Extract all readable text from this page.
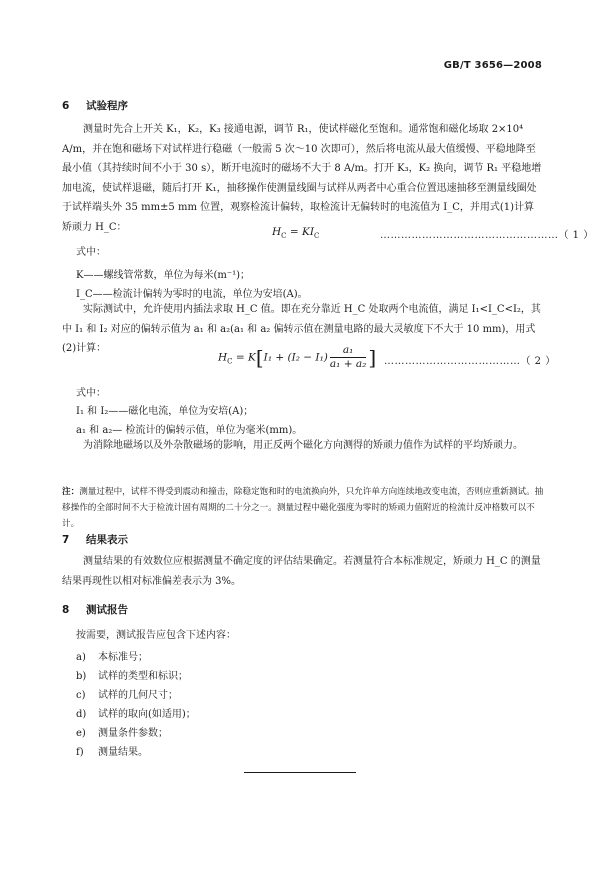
GB/T 3656—2008
6 试验程序
测量时先合上开关 K₁，K₂，K₃ 接通电源，调节 R₁，使试样磁化至饱和。通常饱和磁化场取 2×10⁴ A/m，并在饱和磁场下对试样进行稳磁（一般需 5 次～10 次即可），然后将电流从最大值缓慢、平稳地降至最小值（其持续时间不小于 30 s），断开电流时的磁场不大于 8 A/m。打开 K₃，K₂ 换向，调节 R₁ 平稳地增加电流，使试样退磁，随后打开 K₁，抽移操作使测量线圈与试样从两者中心重合位置迅速抽移至测量线圈处于试样端头外 35 mm±5 mm 位置，观察检流计偏转，取检流计无偏转时的电流值为 I_C，并用式(1)计算矫顽力 H_C：	$H_C = KI_C$	……………………………………………（ 1 ）
式中：
K——螺线管常数，单位为每米(m⁻¹)；
I_C——检流计偏转为零时的电流，单位为安培(A)。
实际测试中，允许使用内插法求取 H_C 值。即在充分靠近 H_C 处取两个电流值，满足 I₁<I_C<I₂，其中 I₁ 和 I₂ 对应的偏转示值为 a₁ 和 a₂(a₁ 和 a₂ 偏转示值在测量电路的最大灵敏度下不大于 10 mm)，用式(2)计算：
$H_C = K[I_1 + (I_2 - I_1) \frac{\text{a₁}}{\text{a₁ + a₂}}$ ] …………………………………（ 2 ）
式中：
I₁ 和 I₂——磁化电流，单位为安培(A)；
a₁ 和 a₂— 检流计的偏转示值，单位为毫米(mm)。
为消除地磁场以及外杂散磁场的影响，用正反两个磁化方向测得的矫顽力值作为试样的平均矫顽力。
注：测量过程中，试样不得受到震动和撞击，除稳定饱和时的电流换向外，只允许单方向连续地改变电流，否则应重新测试。抽移操作的全部时间不大于检流计固有周期的二十分之一。测量过程中磁化强度为零时的矫顽力值附近的检流计反冲格数可以不计。
7 结果表示
测量结果的有效数位应根据测量不确定度的评估结果确定。若测量符合本标准规定，矫顽力 H_C 的测量结果再现性以相对标准偏差表示为 3%。
8 测试报告
按需要，测试报告应包含下述内容：
a) 本标准号；
b) 试样的类型和标识；
c) 试样的几何尺寸；
d) 试样的取向(如适用)；
e) 测量条件参数；
f) 测量结果。
